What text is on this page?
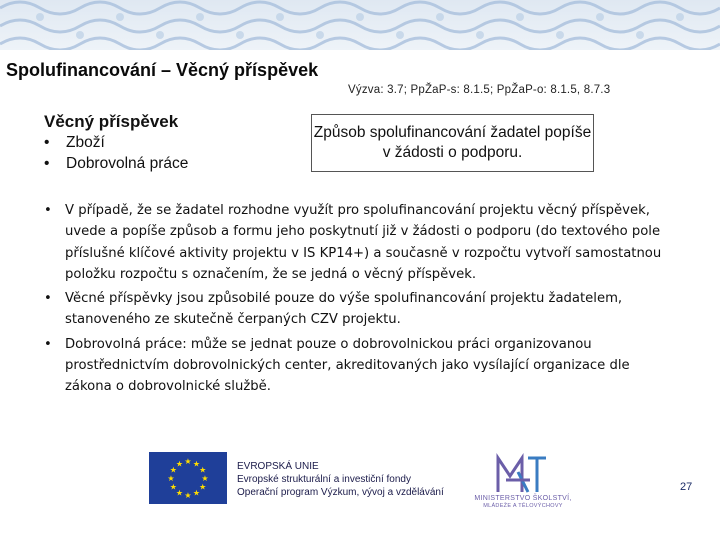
Spolufinancování – Věcný příspěvek
Výzva: 3.7; PpŽaP-s: 8.1.5; PpŽaP-o: 8.1.5, 8.7.3
Věcný příspěvek
• Zboží
• Dobrovolná práce
Způsob spolufinancování žadatel popíše v žádosti o podporu.
• V případě, že se žadatel rozhodne využít pro spolufinancování projektu věcný příspěvek, uvede a popíše způsob a formu jeho poskytnutí již v žádosti o podporu (do textového pole příslušné klíčové aktivity projektu v IS KP14+) a současně v rozpočtu vytvoří samostatnou položku rozpočtu s označením, že se jedná o věcný příspěvek.
• Věcné příspěvky jsou způsobilé pouze do výše spolufinancování projektu žadatelem, stanoveného ze skutečně čerpaných CZV projektu.
• Dobrovolná práce: může se jednat pouze o dobrovolnickou práci organizovanou prostřednictvím dobrovolnických center, akreditovaných jako vysílající organizace dle zákona o dobrovolnické službě.
★ ★
★
★
★
★
★
★
★
★
★
★	EVROPSKÁ UNIE
Evropské strukturální a investiční fondy
Operační program Výzkum, vývoj a vzdělávání
MINISTERSTVO ŠKOLSTVÍ,
MLÁDEŽE A TĚLOVÝCHOVY
27
